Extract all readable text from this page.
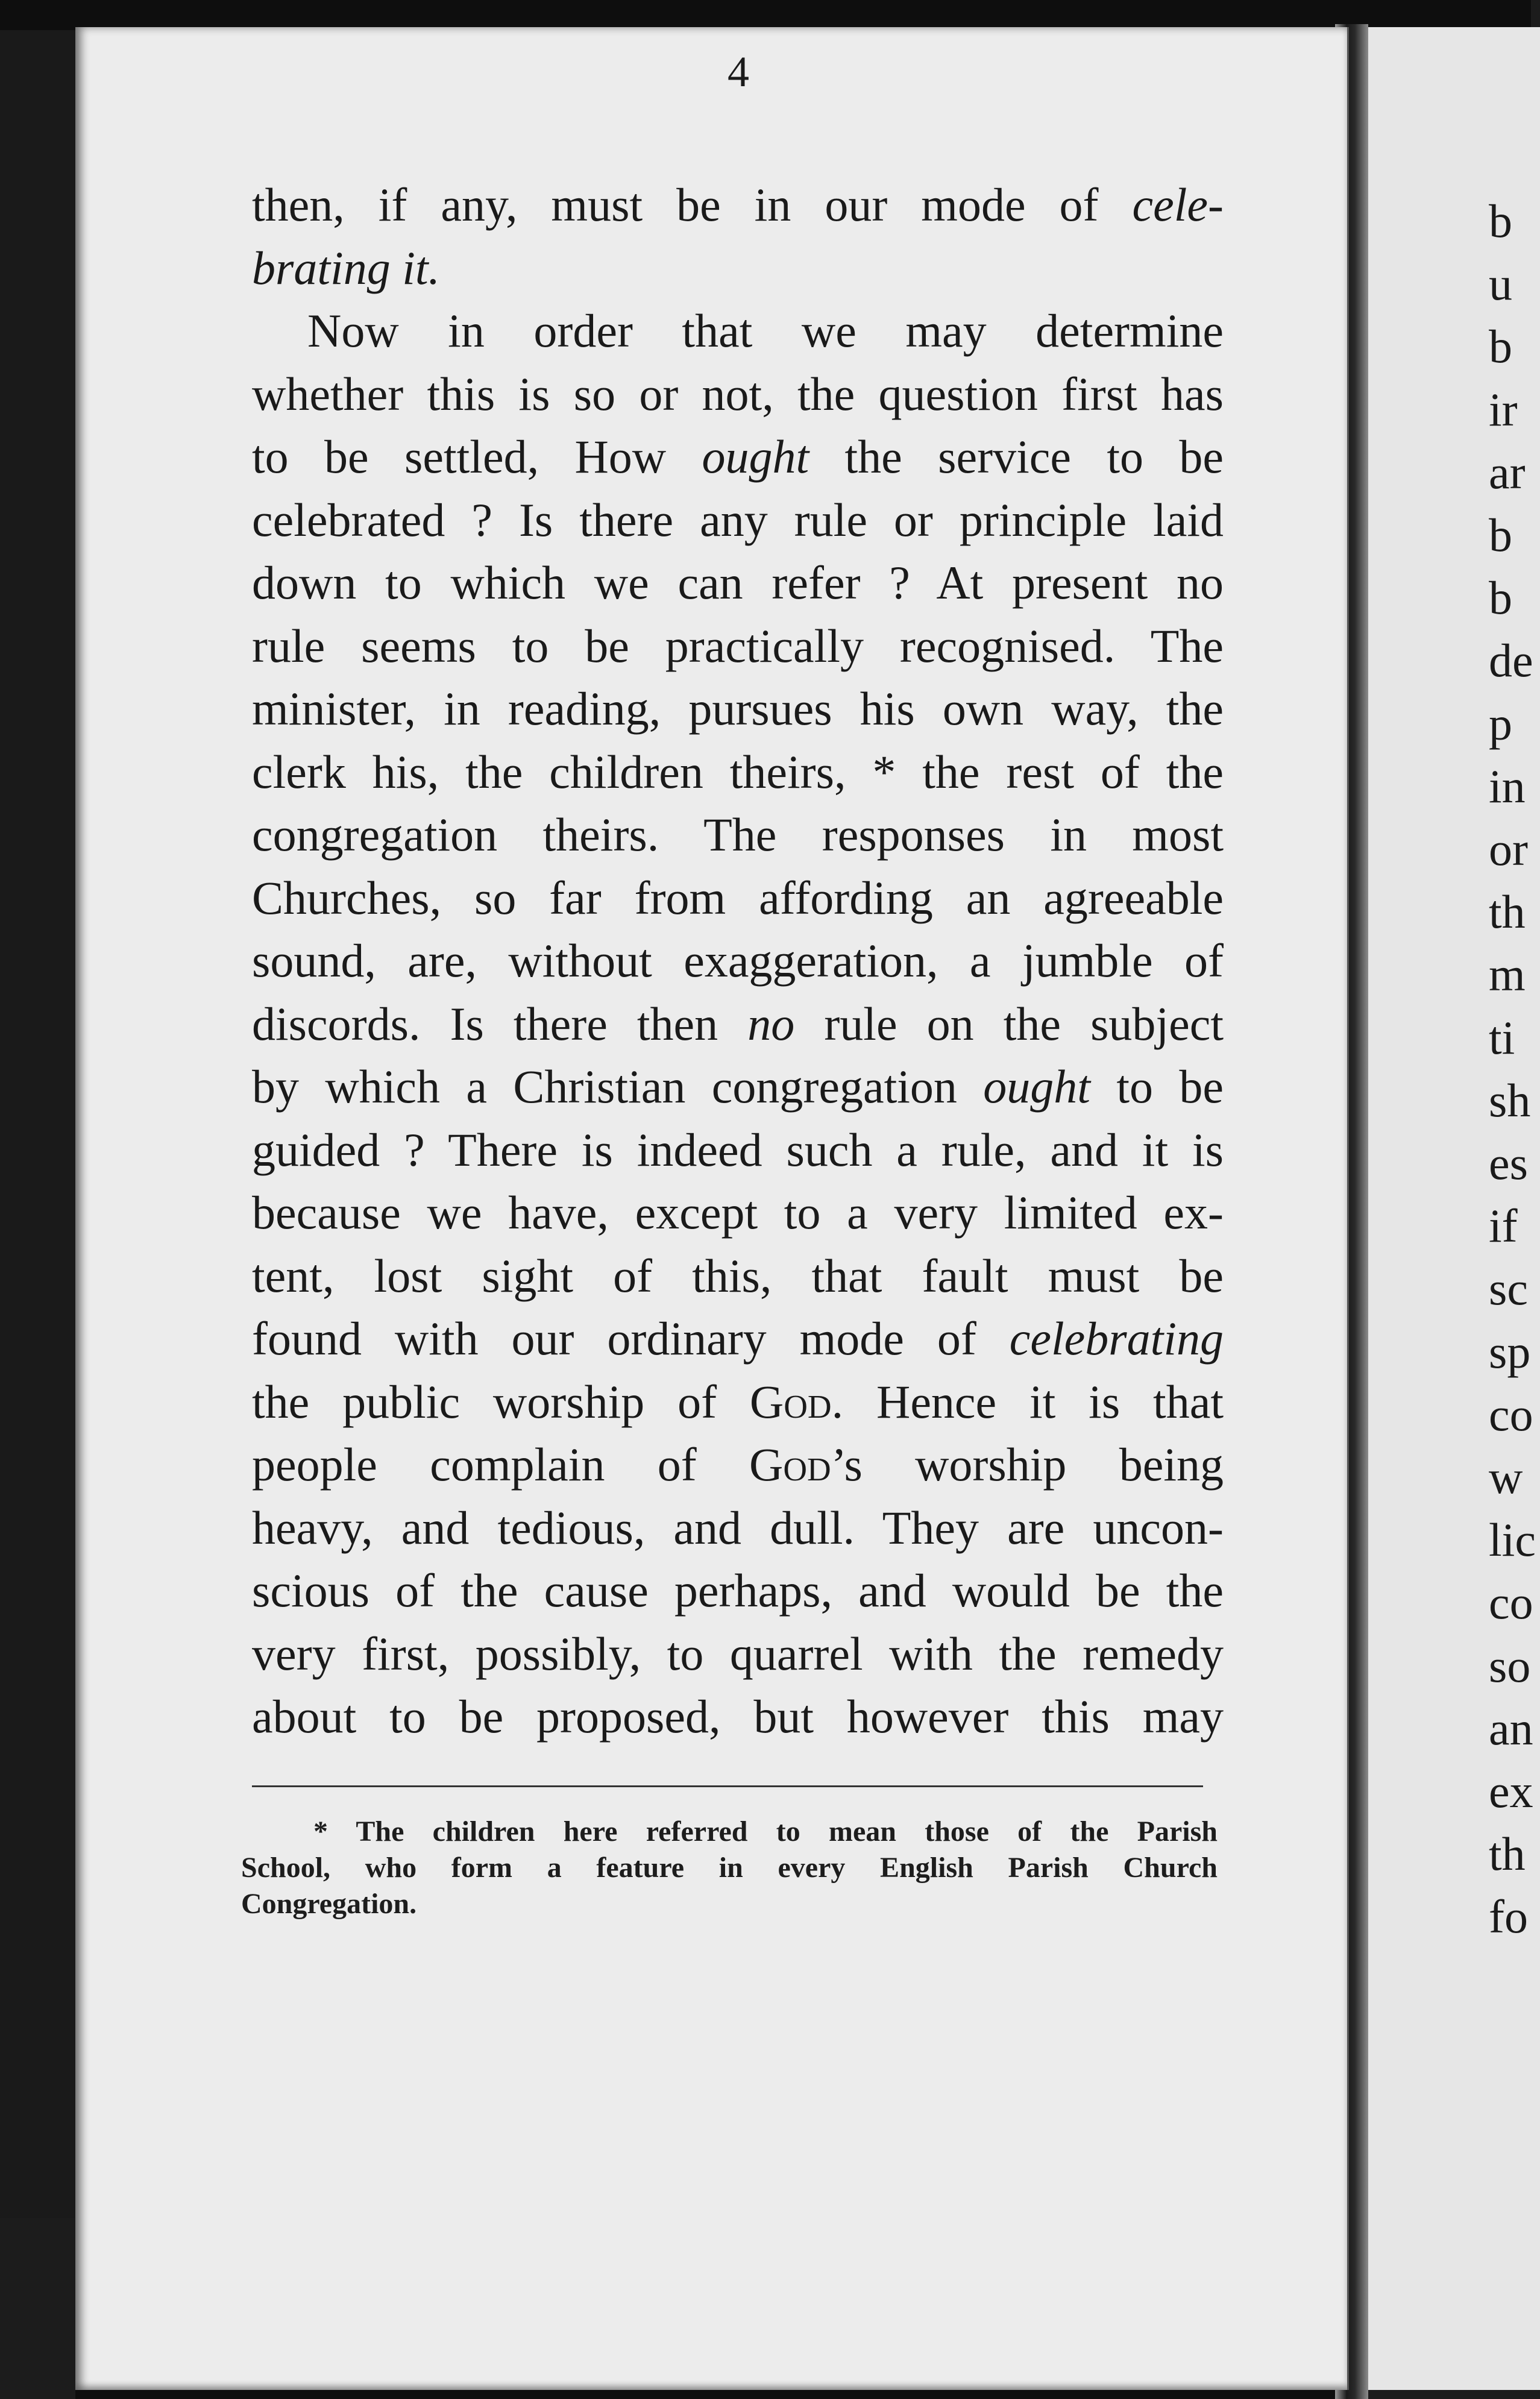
4
then, if any, must be in our mode of cele-
brating it.
Now in order that we may determine
whether this is so or not, the question first has
to be settled, How ought the service to be
celebrated ? Is there any rule or principle laid
down to which we can refer ? At present no
rule seems to be practically recognised. The
minister, in reading, pursues his own way, the
clerk his, the children theirs, * the rest of the
congregation theirs. The responses in most
Churches, so far from affording an agreeable
sound, are, without exaggeration, a jumble of
discords. Is there then no rule on the subject
by which a Christian congregation ought to be
guided ? There is indeed such a rule, and it is
because we have, except to a very limited ex-
tent, lost sight of this, that fault must be
found with our ordinary mode of celebrating
the public worship of God. Hence it is that
people complain of God’s worship being
heavy, and tedious, and dull. They are uncon-
scious of the cause perhaps, and would be the
very first, possibly, to quarrel with the remedy
about to be proposed, but however this may
* The children here referred to mean those of the Parish
School, who form a feature in every English Parish Church
Congregation.
b
u
b
ir
ar
b
b
de
p
in
or
th
m
ti
sh
es
if
sc
sp
co
w
lic
co
so
an
ex
th
fo
